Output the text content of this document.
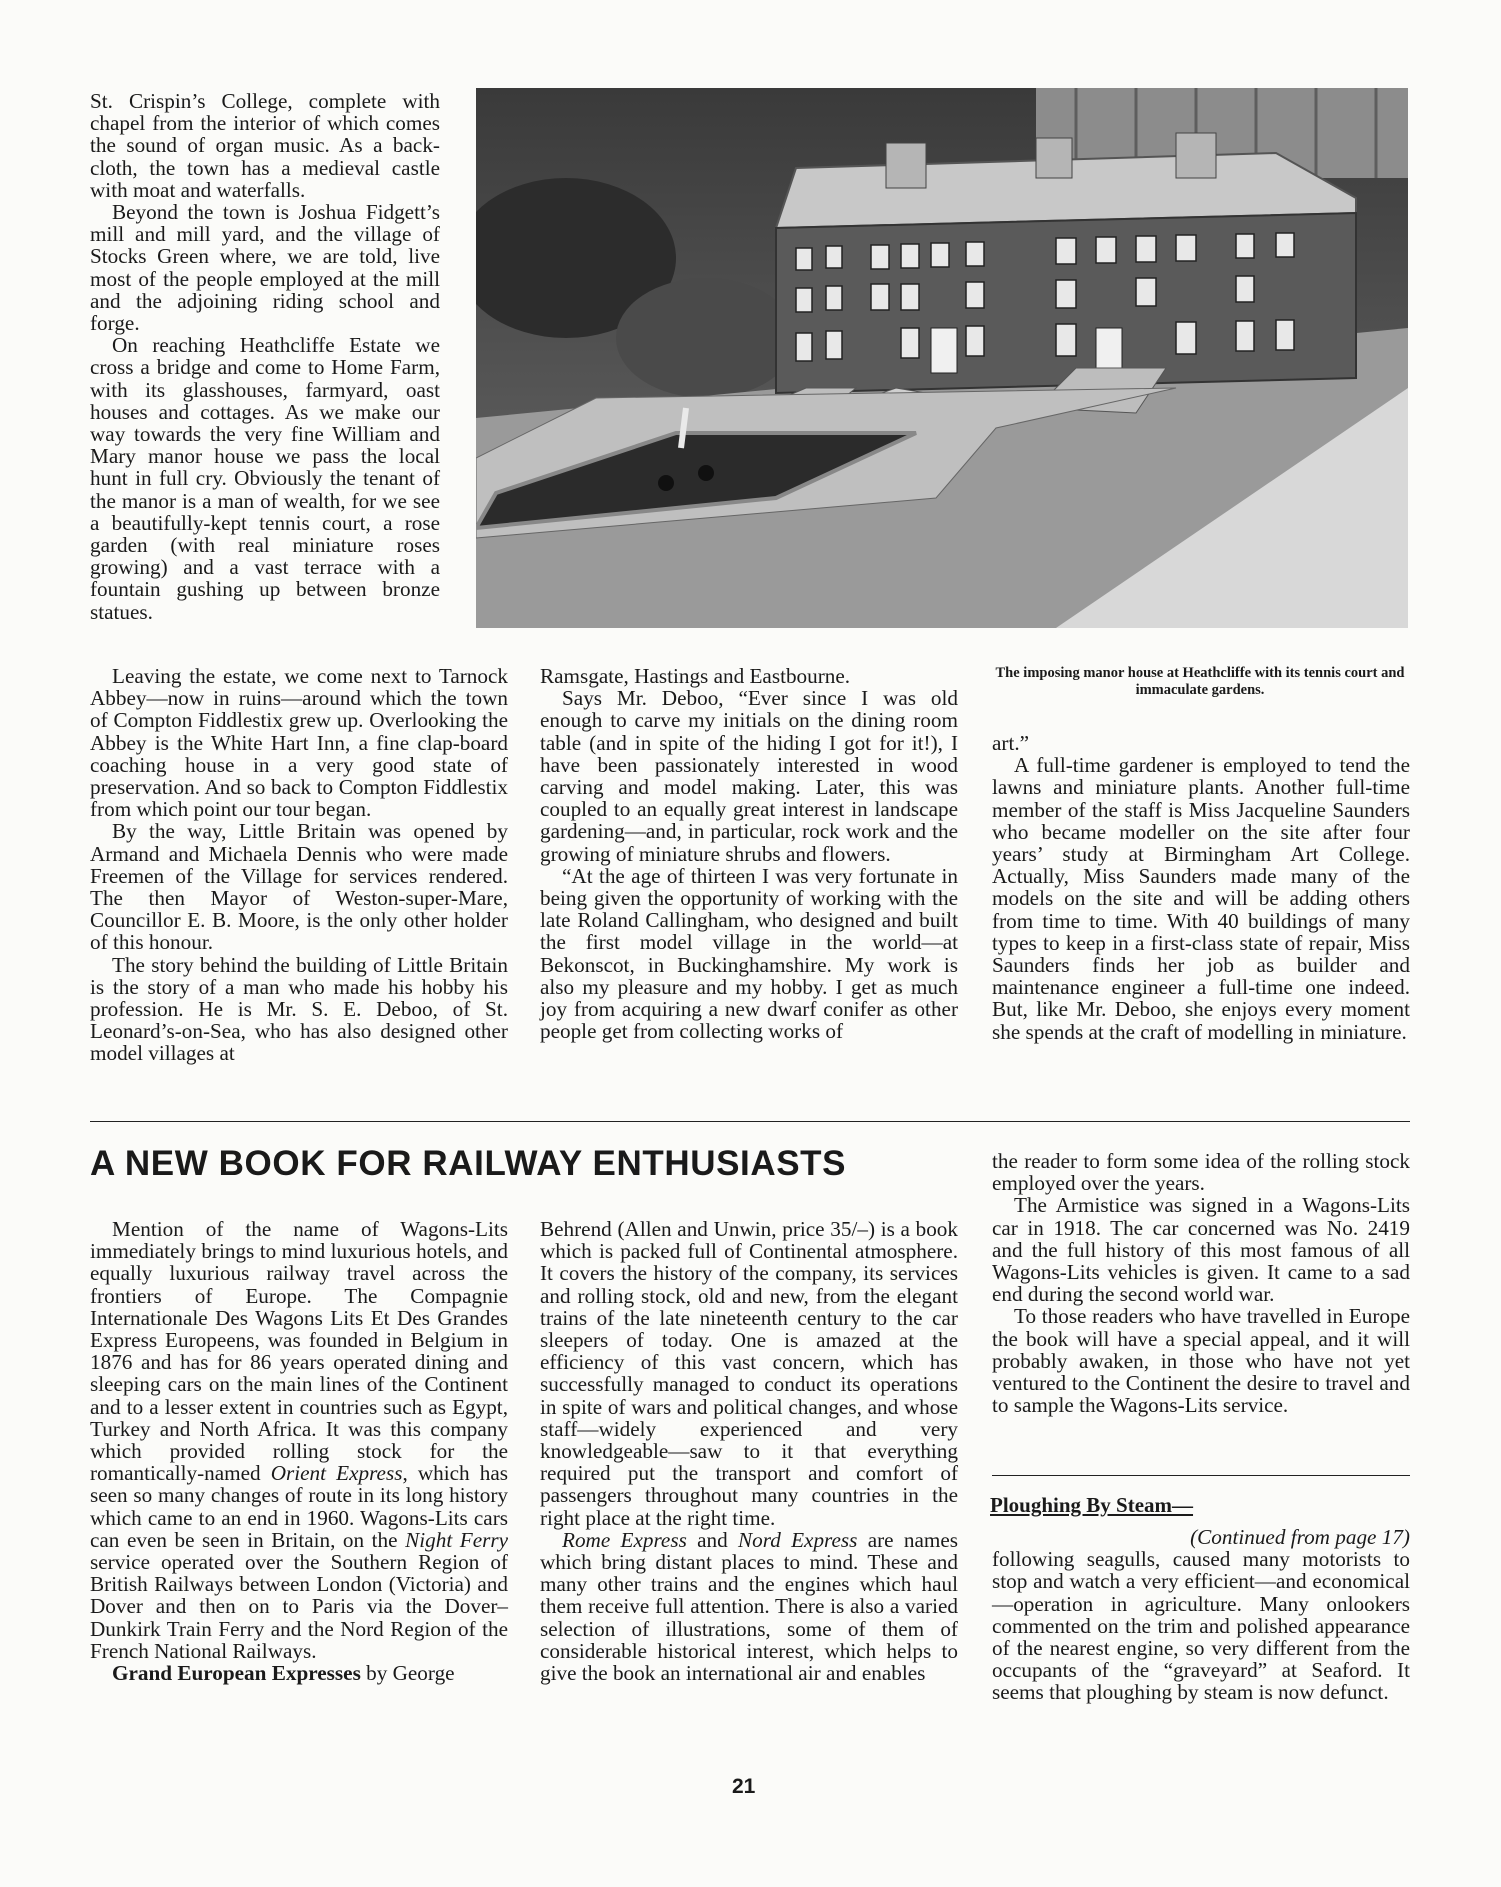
St. Crispin’s College, complete with chapel from the interior of which comes the sound of organ music. As a back-cloth, the town has a medieval castle with moat and waterfalls.

Beyond the town is Joshua Fidgett’s mill and mill yard, and the village of Stocks Green where, we are told, live most of the people employed at the mill and the adjoining riding school and forge.

On reaching Heathcliffe Estate we cross a bridge and come to Home Farm, with its glasshouses, farmyard, oast houses and cottages. As we make our way towards the very fine William and Mary manor house we pass the local hunt in full cry. Obviously the tenant of the manor is a man of wealth, for we see a beautifully-kept tennis court, a rose garden (with real miniature roses growing) and a vast terrace with a fountain gushing up between bronze statues.

Leaving the estate, we come next to Tarnock Abbey—now in ruins—around which the town of Compton Fiddlestix grew up. Overlooking the Abbey is the White Hart Inn, a fine clap-board coaching house in a very good state of preservation. And so back to Compton Fiddlestix from which point our tour began.

By the way, Little Britain was opened by Armand and Michaela Dennis who were made Freemen of the Village for services rendered. The then Mayor of Weston-super-Mare, Councillor E. B. Moore, is the only other holder of this honour.

The story behind the building of Little Britain is the story of a man who made his hobby his profession. He is Mr. S. E. Deboo, of St. Leonard’s-on-Sea, who has also designed other model villages at

Ramsgate, Hastings and Eastbourne.

Says Mr. Deboo, “Ever since I was old enough to carve my initials on the dining room table (and in spite of the hiding I got for it!), I have been passionately interested in wood carving and model making. Later, this was coupled to an equally great interest in landscape gardening—and, in particular, rock work and the growing of miniature shrubs and flowers.

“At the age of thirteen I was very fortunate in being given the opportunity of working with the late Roland Callingham, who designed and built the first model village in the world—at Bekonscot, in Buckinghamshire. My work is also my pleasure and my hobby. I get as much joy from acquiring a new dwarf conifer as other people get from collecting works of

The imposing manor house at Heathcliffe with its tennis court and immaculate gardens.

art.”

A full-time gardener is employed to tend the lawns and miniature plants. Another full-time member of the staff is Miss Jacqueline Saunders who became modeller on the site after four years’ study at Birmingham Art College. Actually, Miss Saunders made many of the models on the site and will be adding others from time to time. With 40 buildings of many types to keep in a first-class state of repair, Miss Saunders finds her job as builder and maintenance engineer a full-time one indeed. But, like Mr. Deboo, she enjoys every moment she spends at the craft of modelling in miniature.

A NEW BOOK FOR RAILWAY ENTHUSIASTS

Mention of the name of Wagons-Lits immediately brings to mind luxurious hotels, and equally luxurious railway travel across the frontiers of Europe. The Compagnie Internationale Des Wagons Lits Et Des Grandes Express Europeens, was founded in Belgium in 1876 and has for 86 years operated dining and sleeping cars on the main lines of the Continent and to a lesser extent in countries such as Egypt, Turkey and North Africa. It was this company which provided rolling stock for the romantically-named Orient Express, which has seen so many changes of route in its long history which came to an end in 1960. Wagons-Lits cars can even be seen in Britain, on the Night Ferry service operated over the Southern Region of British Railways between London (Victoria) and Dover and then on to Paris via the Dover–Dunkirk Train Ferry and the Nord Region of the French National Railways.

Grand European Expresses by George

Behrend (Allen and Unwin, price 35/–) is a book which is packed full of Continental atmosphere. It covers the history of the company, its services and rolling stock, old and new, from the elegant trains of the late nineteenth century to the car sleepers of today. One is amazed at the efficiency of this vast concern, which has successfully managed to conduct its operations in spite of wars and political changes, and whose staff—widely experienced and very knowledgeable—saw to it that everything required put the transport and comfort of passengers throughout many countries in the right place at the right time.

Rome Express and Nord Express are names which bring distant places to mind. These and many other trains and the engines which haul them receive full attention. There is also a varied selection of illustrations, some of them of considerable historical interest, which helps to give the book an international air and enables

the reader to form some idea of the rolling stock employed over the years.

The Armistice was signed in a Wagons-Lits car in 1918. The car concerned was No. 2419 and the full history of this most famous of all Wagons-Lits vehicles is given. It came to a sad end during the second world war.

To those readers who have travelled in Europe the book will have a special appeal, and it will probably awaken, in those who have not yet ventured to the Continent the desire to travel and to sample the Wagons-Lits service.

Ploughing By Steam—

(Continued from page 17)

following seagulls, caused many motorists to stop and watch a very efficient—and economical—operation in agriculture. Many onlookers commented on the trim and polished appearance of the nearest engine, so very different from the occupants of the “graveyard” at Seaford. It seems that ploughing by steam is now defunct.

21
